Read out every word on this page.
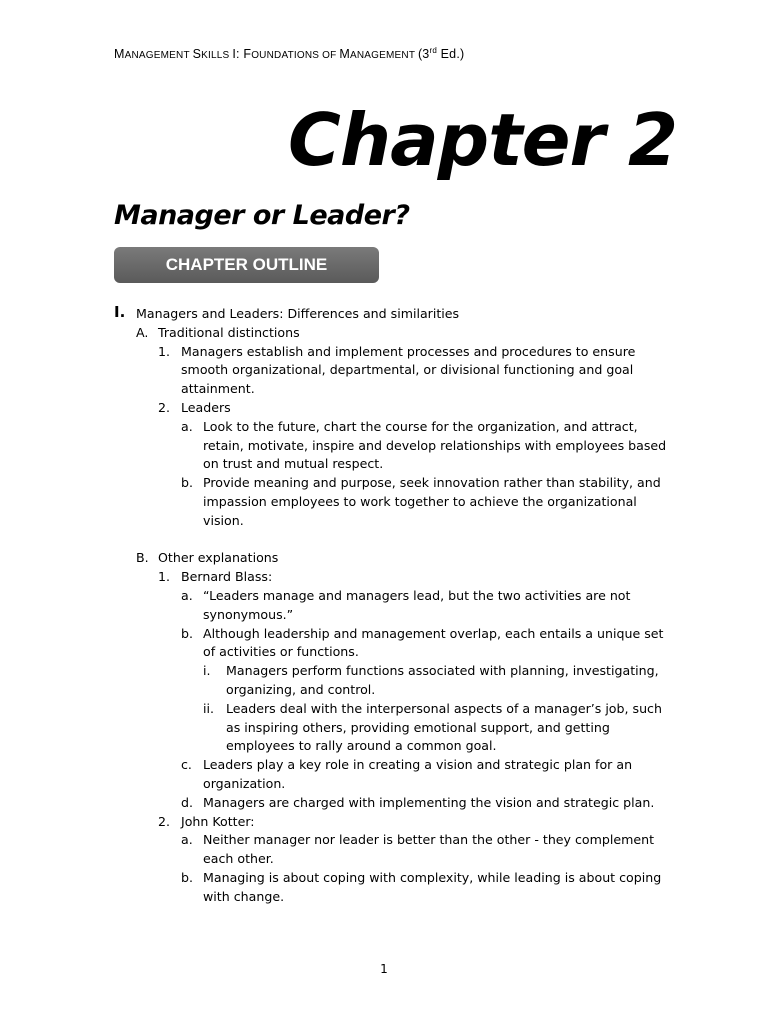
MANAGEMENT SKILLS I: FOUNDATIONS OF MANAGEMENT (3rd Ed.)
Chapter 2
Manager or Leader?
CHAPTER OUTLINE
I. Managers and Leaders: Differences and similarities
A. Traditional distinctions
1. Managers establish and implement processes and procedures to ensure
smooth organizational, departmental, or divisional functioning and goal
attainment.
2. Leaders
a. Look to the future, chart the course for the organization, and attract,
retain, motivate, inspire and develop relationships with employees based
on trust and mutual respect.
b. Provide meaning and purpose, seek innovation rather than stability, and
impassion employees to work together to achieve the organizational
vision.
B. Other explanations
1. Bernard Blass:
a. “Leaders manage and managers lead, but the two activities are not
synonymous.”
b. Although leadership and management overlap, each entails a unique set
of activities or functions.
i. Managers perform functions associated with planning, investigating,
organizing, and control.
ii. Leaders deal with the interpersonal aspects of a manager’s job, such
as inspiring others, providing emotional support, and getting
employees to rally around a common goal.
c. Leaders play a key role in creating a vision and strategic plan for an
organization.
d. Managers are charged with implementing the vision and strategic plan.
2. John Kotter:
a. Neither manager nor leader is better than the other - they complement
each other.
b. Managing is about coping with complexity, while leading is about coping
with change.
1
